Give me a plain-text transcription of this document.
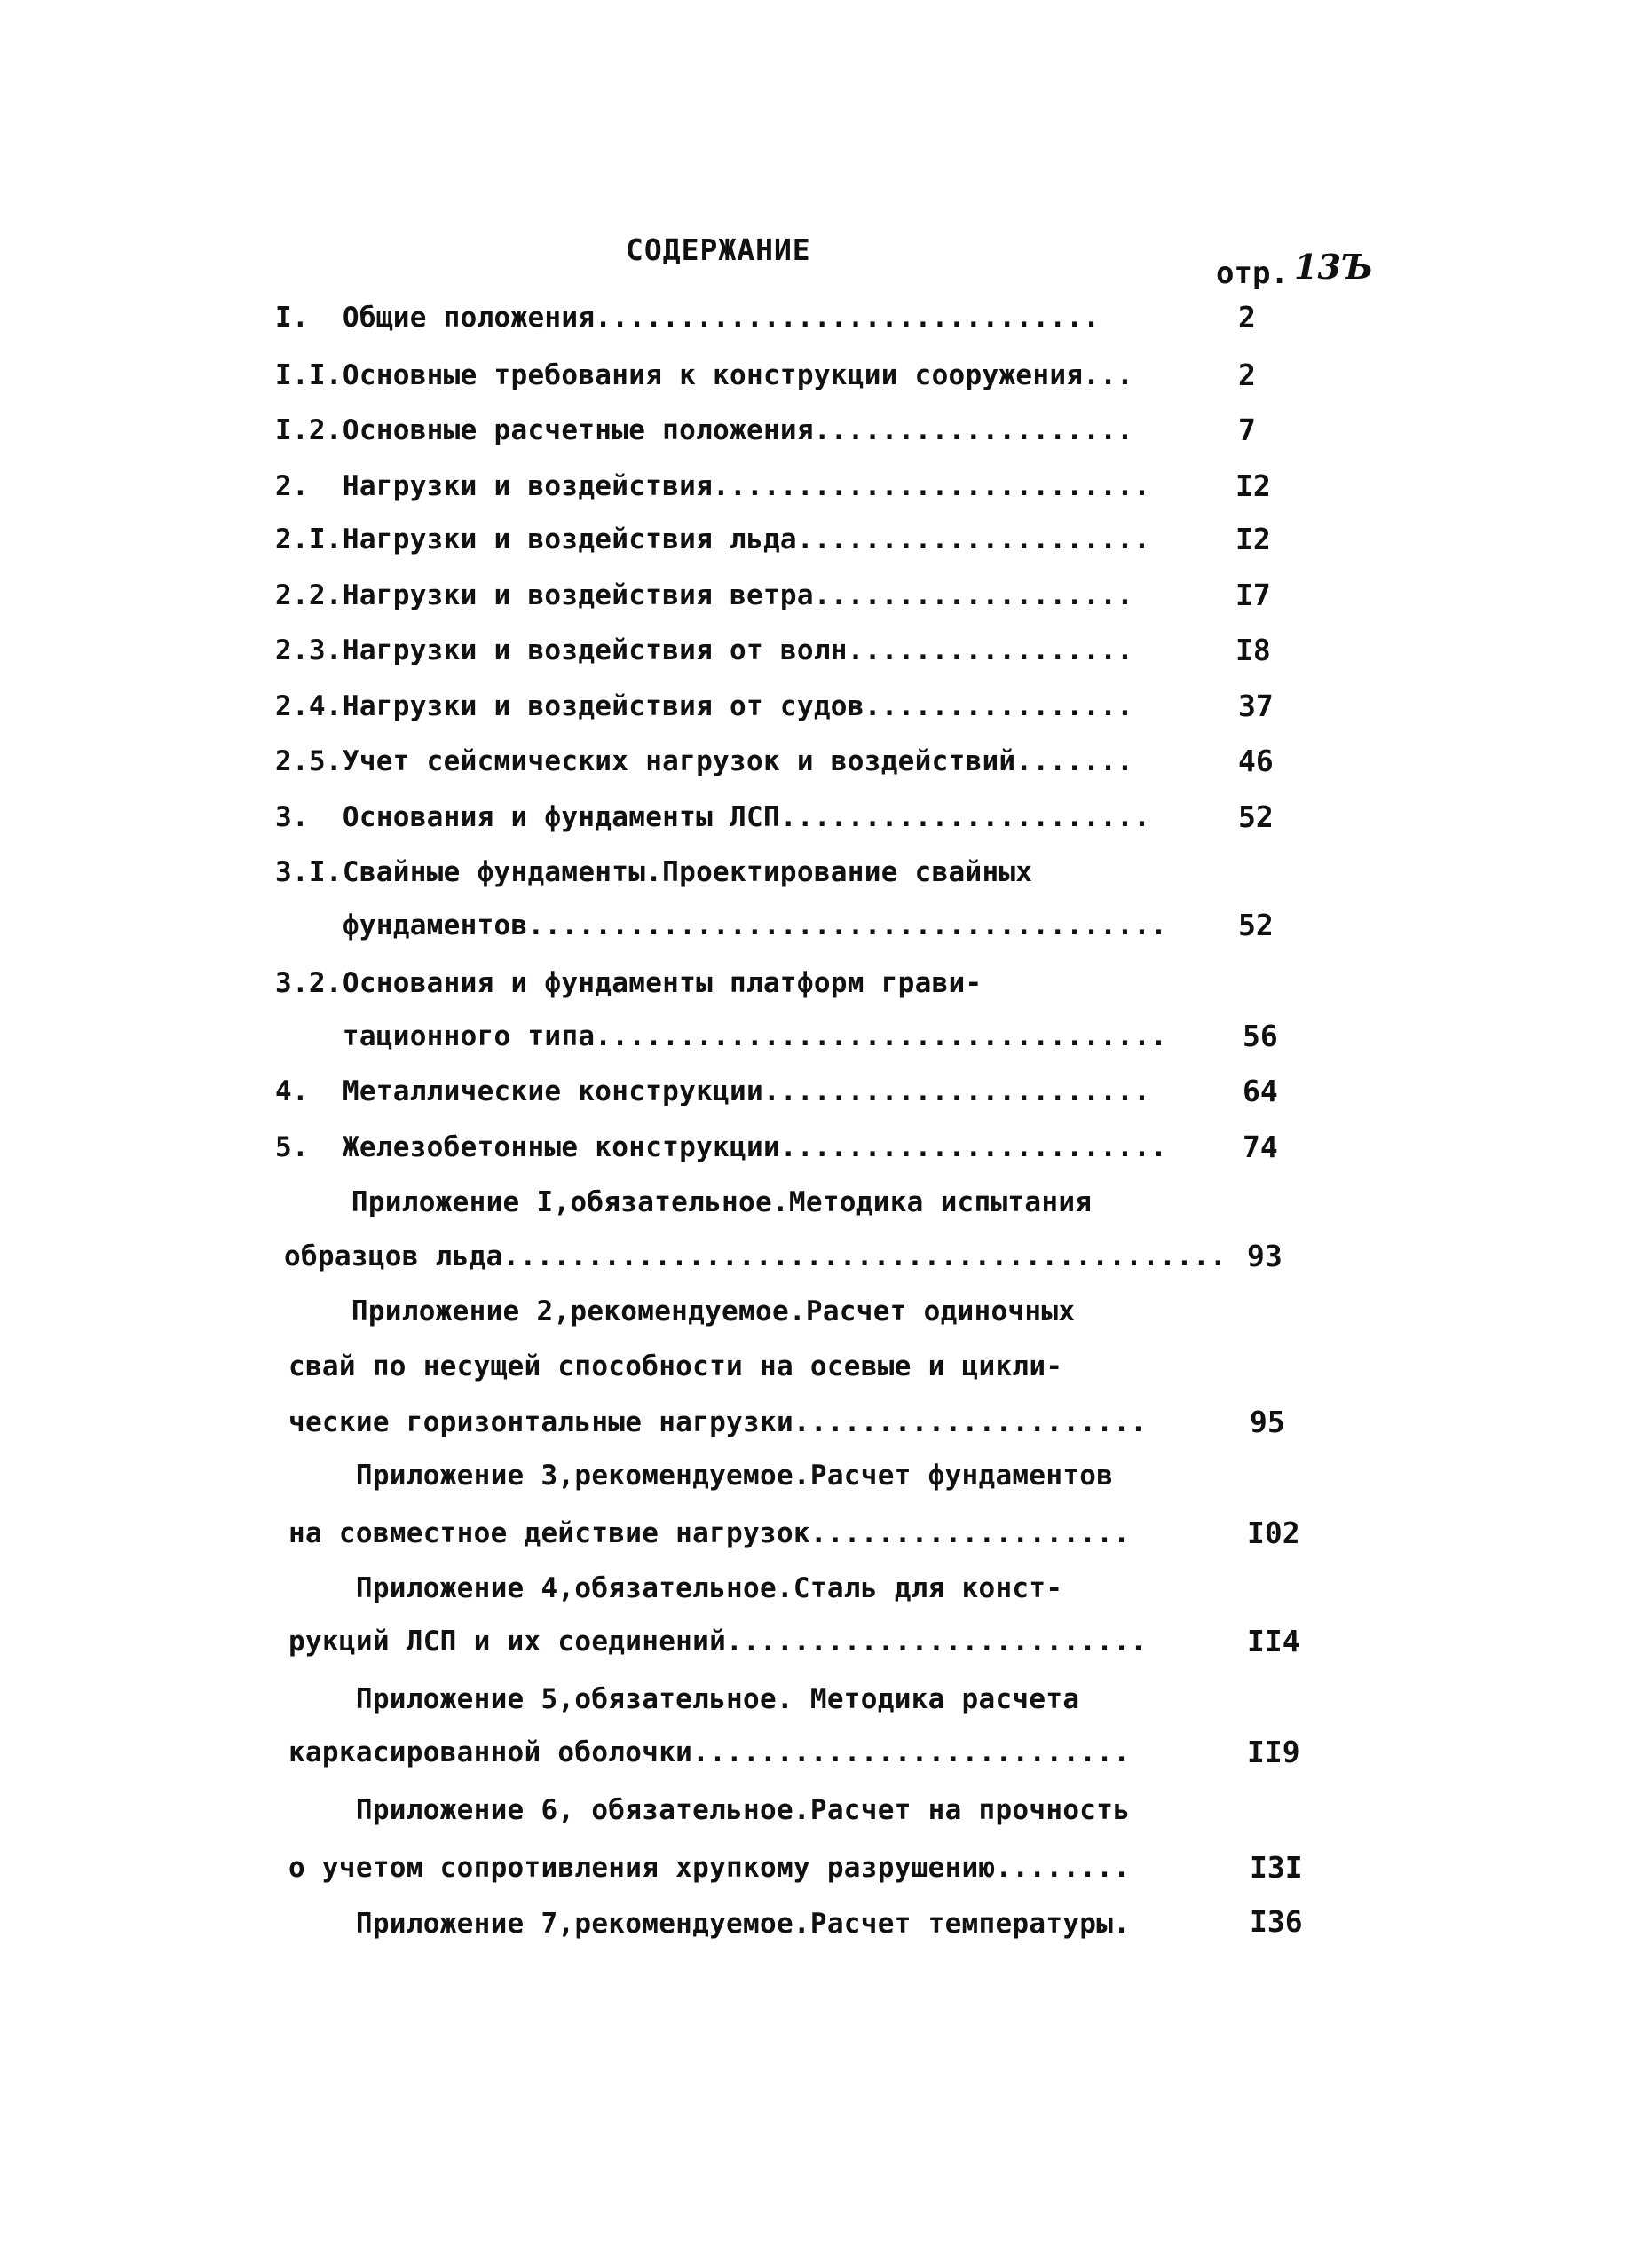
СОДЕРЖАНИЕ
отр. 13Ъ
I.  Общие положения..............................	2
I.I.Основные требования к конструкции сооружения...	2
I.2.Основные расчетные положения...................	7
2.  Нагрузки и воздействия..........................	I2
2.I.Нагрузки и воздействия льда.....................	I2
2.2.Нагрузки и воздействия ветра...................	I7
2.3.Нагрузки и воздействия от волн.................	I8
2.4.Нагрузки и воздействия от судов................	37
2.5.Учет сейсмических нагрузок и воздействий.......	46
3.  Основания и фундаменты ЛСП......................	52
3.I.Свайные фундаменты.Проектирование свайных
фундаментов...................................... 52
3.2.Основания и фундаменты платформ грави-
тационного типа..................................	56
4.  Металлические конструкции.......................	64
5.  Железобетонные конструкции.......................	74
Приложение I,обязательное.Методика испытания
образцов льда........................................... 93
Приложение 2,рекомендуемое.Расчет одиночных
свай по несущей способности на осевые и цикли-
ческие горизонтальные нагрузки.....................	95
Приложение 3,рекомендуемое.Расчет фундаментов
на совместное действие нагрузок...................	I02
Приложение 4,обязательное.Сталь для конст-
рукций ЛСП и их соединений.........................	II4
Приложение 5,обязательное. Методика расчета
каркасированной оболочки..........................	II9
Приложение 6, обязательное.Расчет на прочность
о учетом сопротивления хрупкому разрушению........	I3I
Приложение 7,рекомендуемое.Расчет температуры.	I36
